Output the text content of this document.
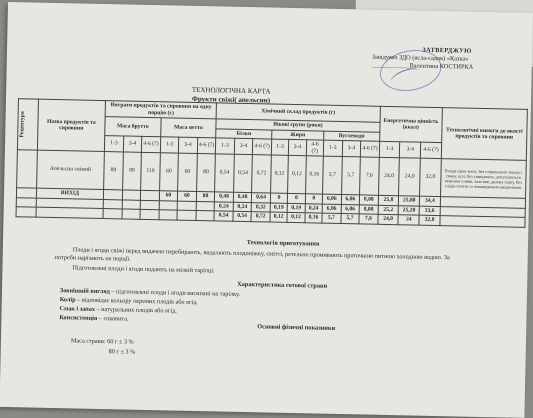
ЗАТВЕРДЖУЮ
Завідувач ЗДО (ясла-садок) «Казка»
____________ Валентина КОСТИРКА
ТЕХНОЛОГІЧНА КАРТА
Фрукти свіжі( апельсин)
Рецептура	Назва продуктів та сировини	Витрати продуктів та сировини на одну порцію (г)						Хімічний склад продуктів (г)									Енергетична цінність (ккал)			Технологічні вимоги до якості продуктів та сировини
		Маса брутто			Маса нетто			Вікові групи (роки)												
								Білки			Жири			Вуглеводи						
		1-3	3-4	4-6 (7)	1-3	3-4	4-6 (7)	1-3	3-4	4-6 (7)	1-3	3-4	4-6 (7)	1-3	3-4	4-6 (7)	1-3	3-4	4-6 (7)	
	Апельсин свіжий	89	89	119	60	60	80	0,54	0,54	0,72	0,12	0,12	0,16	5,7	5,7	7,6	24,0	24,0	32,0	Плоди свіжі чисті, без стороннього запаху і смаку, цілі, без ушкоджень; допускаються невеликі плями, властиві даному сорту, без слідів гниття та пошкодження шкідниками
	ВИХІД				60	60	80	0,48	0,48	0,64	0	0	0	6,06	6,06	8,08	25,8	25,80	34,4	
								0,24	0,24	0,32	0,19	0,19	0,24	6,06	6,06	8,08	25,2	25,20	33,6	
								0,54	0,54	0,72	0,12	0,12	0,16	5,7	5,7	7,6	24,0	24	32,0	
Технологія приготування
Плоди і ягоди свіжі перед видачею перебирають, видаляють плодоніжку, смітті, ретельно промивають проточною питною холодною водою. За потреби нарізають на порції.
Підготовлені плоди і ягоди подають на мілкій тарілці.
Характеристика готової страви
Зовнішній вигляд – підготовлені плоди і ягоди висипані на тарілку.
Колір – відповідає кольору окремих плодів або ягід.
Смак і запах – натуральних плодів або ягід.
Консистенція – соковита.
Основні фізичні показники
Маса страви: 60 г ± 3 %
80 г ± 3 %
